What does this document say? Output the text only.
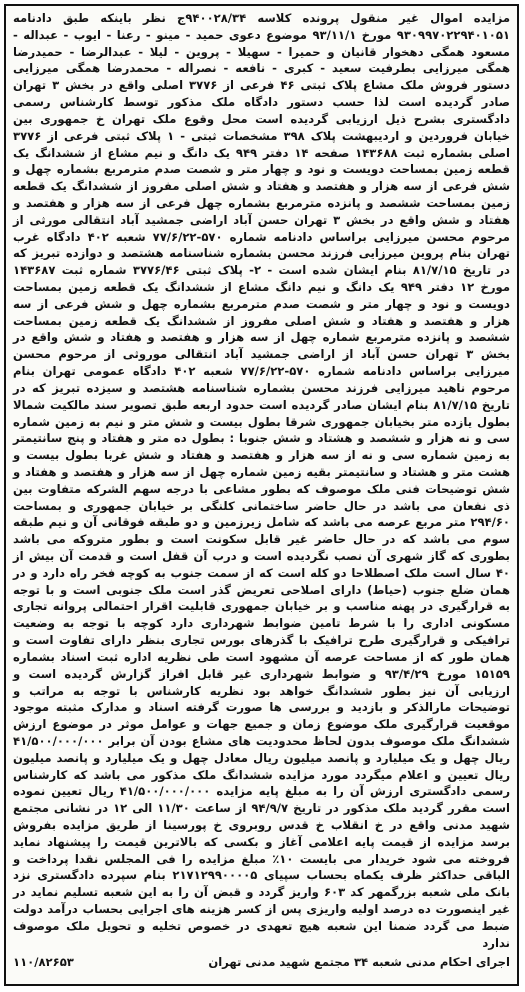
مزایده اموال غیر منقول پرونده کلاسه ۹۴۰۰۲۸/۳۴ج نظر باینکه طبق دادنامه ۹۳۰۹۹۷۰۲۲۹۴۰۱۰۵۱ مورخ ۹۳/۱۱/۱ موضوع دعوی حمید - مینو - رعنا - ایوب - عبداله - مسعود همگی دهخوار قانیان و حمیرا - سهیلا - پروین - لیلا - عبدالرضا - حمیدرضا همگی میرزایی بطرفیت سعید - کبری - نافعه - نصراله - محمدرضا همگی میرزایی دستور فروش ملک مشاع پلاک ثبتی ۴۶ فرعی از ۳۷۷۶ اصلی واقع در بخش ۳ تهران صادر گردیده است لذا حسب دستور دادگاه ملک مذکور توسط کارشناس رسمی دادگستری بشرح ذیل ارزیابی گردیده است محل وقوع ملک تهران خ جمهوری بین خیابان فروردین و اردیبهشت پلاک ۳۹۸ مشخصات ثبتی - ۱ پلاک ثبتی فرعی از ۳۷۷۶ اصلی بشماره ثبت ۱۴۳۶۸۸ صفحه ۱۴ دفتر ۹۴۹ یک دانگ و نیم مشاع از ششدانگ یک قطعه زمین بمساحت دویست و نود و چهار متر و شصت صدم مترمربع بشماره چهل و شش فرعی از سه هزار و هفتصد و هفتاد و شش اصلی مفروز از ششدانگ یک قطعه زمین بمساحت ششصد و پانزده مترمربع بشماره چهل فرعی از سه هزار و هفتصد و هفتاد و شش واقع در بخش ۳ تهران حسن آباد اراضی جمشید آباد انتقالی مورثی از مرحوم محسن میرزایی براساس دادنامه شماره ۵۷۰-۷۷/۶/۲۲ شعبه ۴۰۲ دادگاه غرب تهران بنام پروین میرزایی فرزند محسن بشماره شناسنامه هشتصد و دوازده تبریز که در تاریخ ۸۱/۷/۱۵ بنام ایشان شده است - ۲- پلاک ثبتی ۳۷۷۶/۴۶ شماره ثبت ۱۴۳۶۸۷ مورخ ۱۲ دفتر ۹۴۹ یک دانگ و نیم دانگ مشاع از ششدانگ یک قطعه زمین بمساحت دویست و نود و چهار متر و شصت صدم مترمربع بشماره چهل و شش فرعی از سه هزار و هفتصد و هفتاد و شش اصلی مفروز از ششدانگ یک قطعه زمین بمساحت ششصد و پانزده مترمربع شماره چهل از سه هزار و هفتصد و هفتاد و شش واقع در بخش ۳ تهران حسن آباد از اراضی جمشید آباد انتقالی موروثی از مرحوم محسن میرزایی براساس دادنامه شماره ۵۷۰-۷۷/۶/۲۲ شعبه ۴۰۲ دادگاه عمومی تهران بنام مرحوم ناهید میرزایی فرزند محسن بشماره شناسنامه هشتصد و سیزده تبریز که در تاریخ ۸۱/۷/۱۵ بنام ایشان صادر گردیده است حدود اربعه طبق تصویر سند مالکیت شمالا بطول یازده متر بخیابان جمهوری شرقا بطول بیست و شش متر و نیم به زمین شماره سی و نه هزار و ششصد و هشتاد و شش جنوبا : بطول ده متر و هفتاد و پنج سانتیمتر به زمین شماره سی و نه از سه هزار و هفتصد و هفتاد و شش غربا بطول بیست و هشت متر و هشتاد و سانتیمتر بقیه زمین شماره چهل از سه هزار و هفتصد و هفتاد و شش توضیحات فنی ملک موصوف که بطور مشاعی با درجه سهم الشرکه متفاوت بین ذی نفعان می باشد در حال حاضر ساختمانی کلنگی بر خیابان جمهوری و بمساحت ۲۹۴/۶۰ متر مربع عرصه می باشد که شامل زیرزمین و دو طبقه فوقانی آن و نیم طبقه سوم می باشد که در حال حاضر غیر قابل سکونت است و بطور متروکه می باشد بطوری که گاز شهری آن نصب نگردیده است و درب آن قفل است و قدمت آن بیش از ۴۰ سال است ملک اصطلاحا دو کله است که از سمت جنوب به کوچه فخر راه دارد و در همان ضلع جنوب (حیاط) دارای اصلاحی تعریض گذر است ملک جنوبی است و با توجه به قرارگیری در پهنه مناسب و بر خیابان جمهوری قابلیت اقرار احتمالی پروانه تجاری مسکونی اداری را با شرط تامین ضوابط شهرداری دارد کوچه با توجه به وضعیت ترافیکی و قرارگیری طرح ترافیک با گذرهای بورس تجاری بنظر دارای تفاوت است و همان طور که از مساحت عرصه آن مشهود است طی نظریه اداره ثبت اسناد بشماره ۱۵۱۵۹ مورخ ۹۳/۴/۲۹ و ضوابط شهرداری غیر قابل افراز گزارش گردیده است و ارزیابی آن نیز بطور ششدانگ خواهد بود نظریه کارشناس با توجه به مراتب و توضیحات مارالذکر و بازدید و بررسی ها صورت گرفته اسناد و مدارک مثبته موجود موقعیت قرارگیری ملک موضوع زمان و جمیع جهات و عوامل موثر در موضوع ارزش ششدانگ ملک موصوف بدون لحاظ محدودیت های مشاع بودن آن برابر ۴۱/۵۰۰/۰۰۰/۰۰۰ ریال چهل و یک میلیارد و پانصد میلیون ریال معادل چهل و یک میلیارد و پانصد میلیون ریال تعیین و اعلام میگردد مورد مزایده ششدانگ ملک مذکور می باشد که کارشناس رسمی دادگستری ارزش آن را به مبلغ پایه مزایده ۴۱/۵۰۰/۰۰۰/۰۰۰ ریال تعیین نموده است مقرر گردید ملک مذکور در تاریخ ۹۴/۹/۷ از ساعت ۱۱/۳۰ الی ۱۲ در نشانی مجتمع شهید مدنی واقع در خ انقلاب خ قدس روبروی خ پورسینا از طریق مزایده بفروش برسد مزایده از قیمت پایه اعلامی آغاز و بکسی که بالاترین قیمت را پیشنهاد نماید فروخته می شود خریدار می بایست ۱۰٪ مبلغ مزایده را فی المجلس نقدا پرداخت و الباقی حداکثر ظرف یکماه بحساب سپیای ۲۱۷۱۲۹۹۰۰۰۰۵ بنام سپرده دادگستری نزد بانک ملی شعبه بزرگمهر کد ۶۰۳ واریز گردد و قبض آن را به این شعبه تسلیم نماید در غیر اینصورت ده درصد اولیه واریزی پس از کسر هزینه های اجرایی بحساب درآمد دولت ضبط می گردد ضمنا این شعبه هیچ تعهدی در خصوص تخلیه و تحویل ملک موصوف ندارد

اجرای احکام مدنی شعبه ۳۴ مجتمع شهید مدنی تهران
۱۱۰/۸۲۶۵۳
